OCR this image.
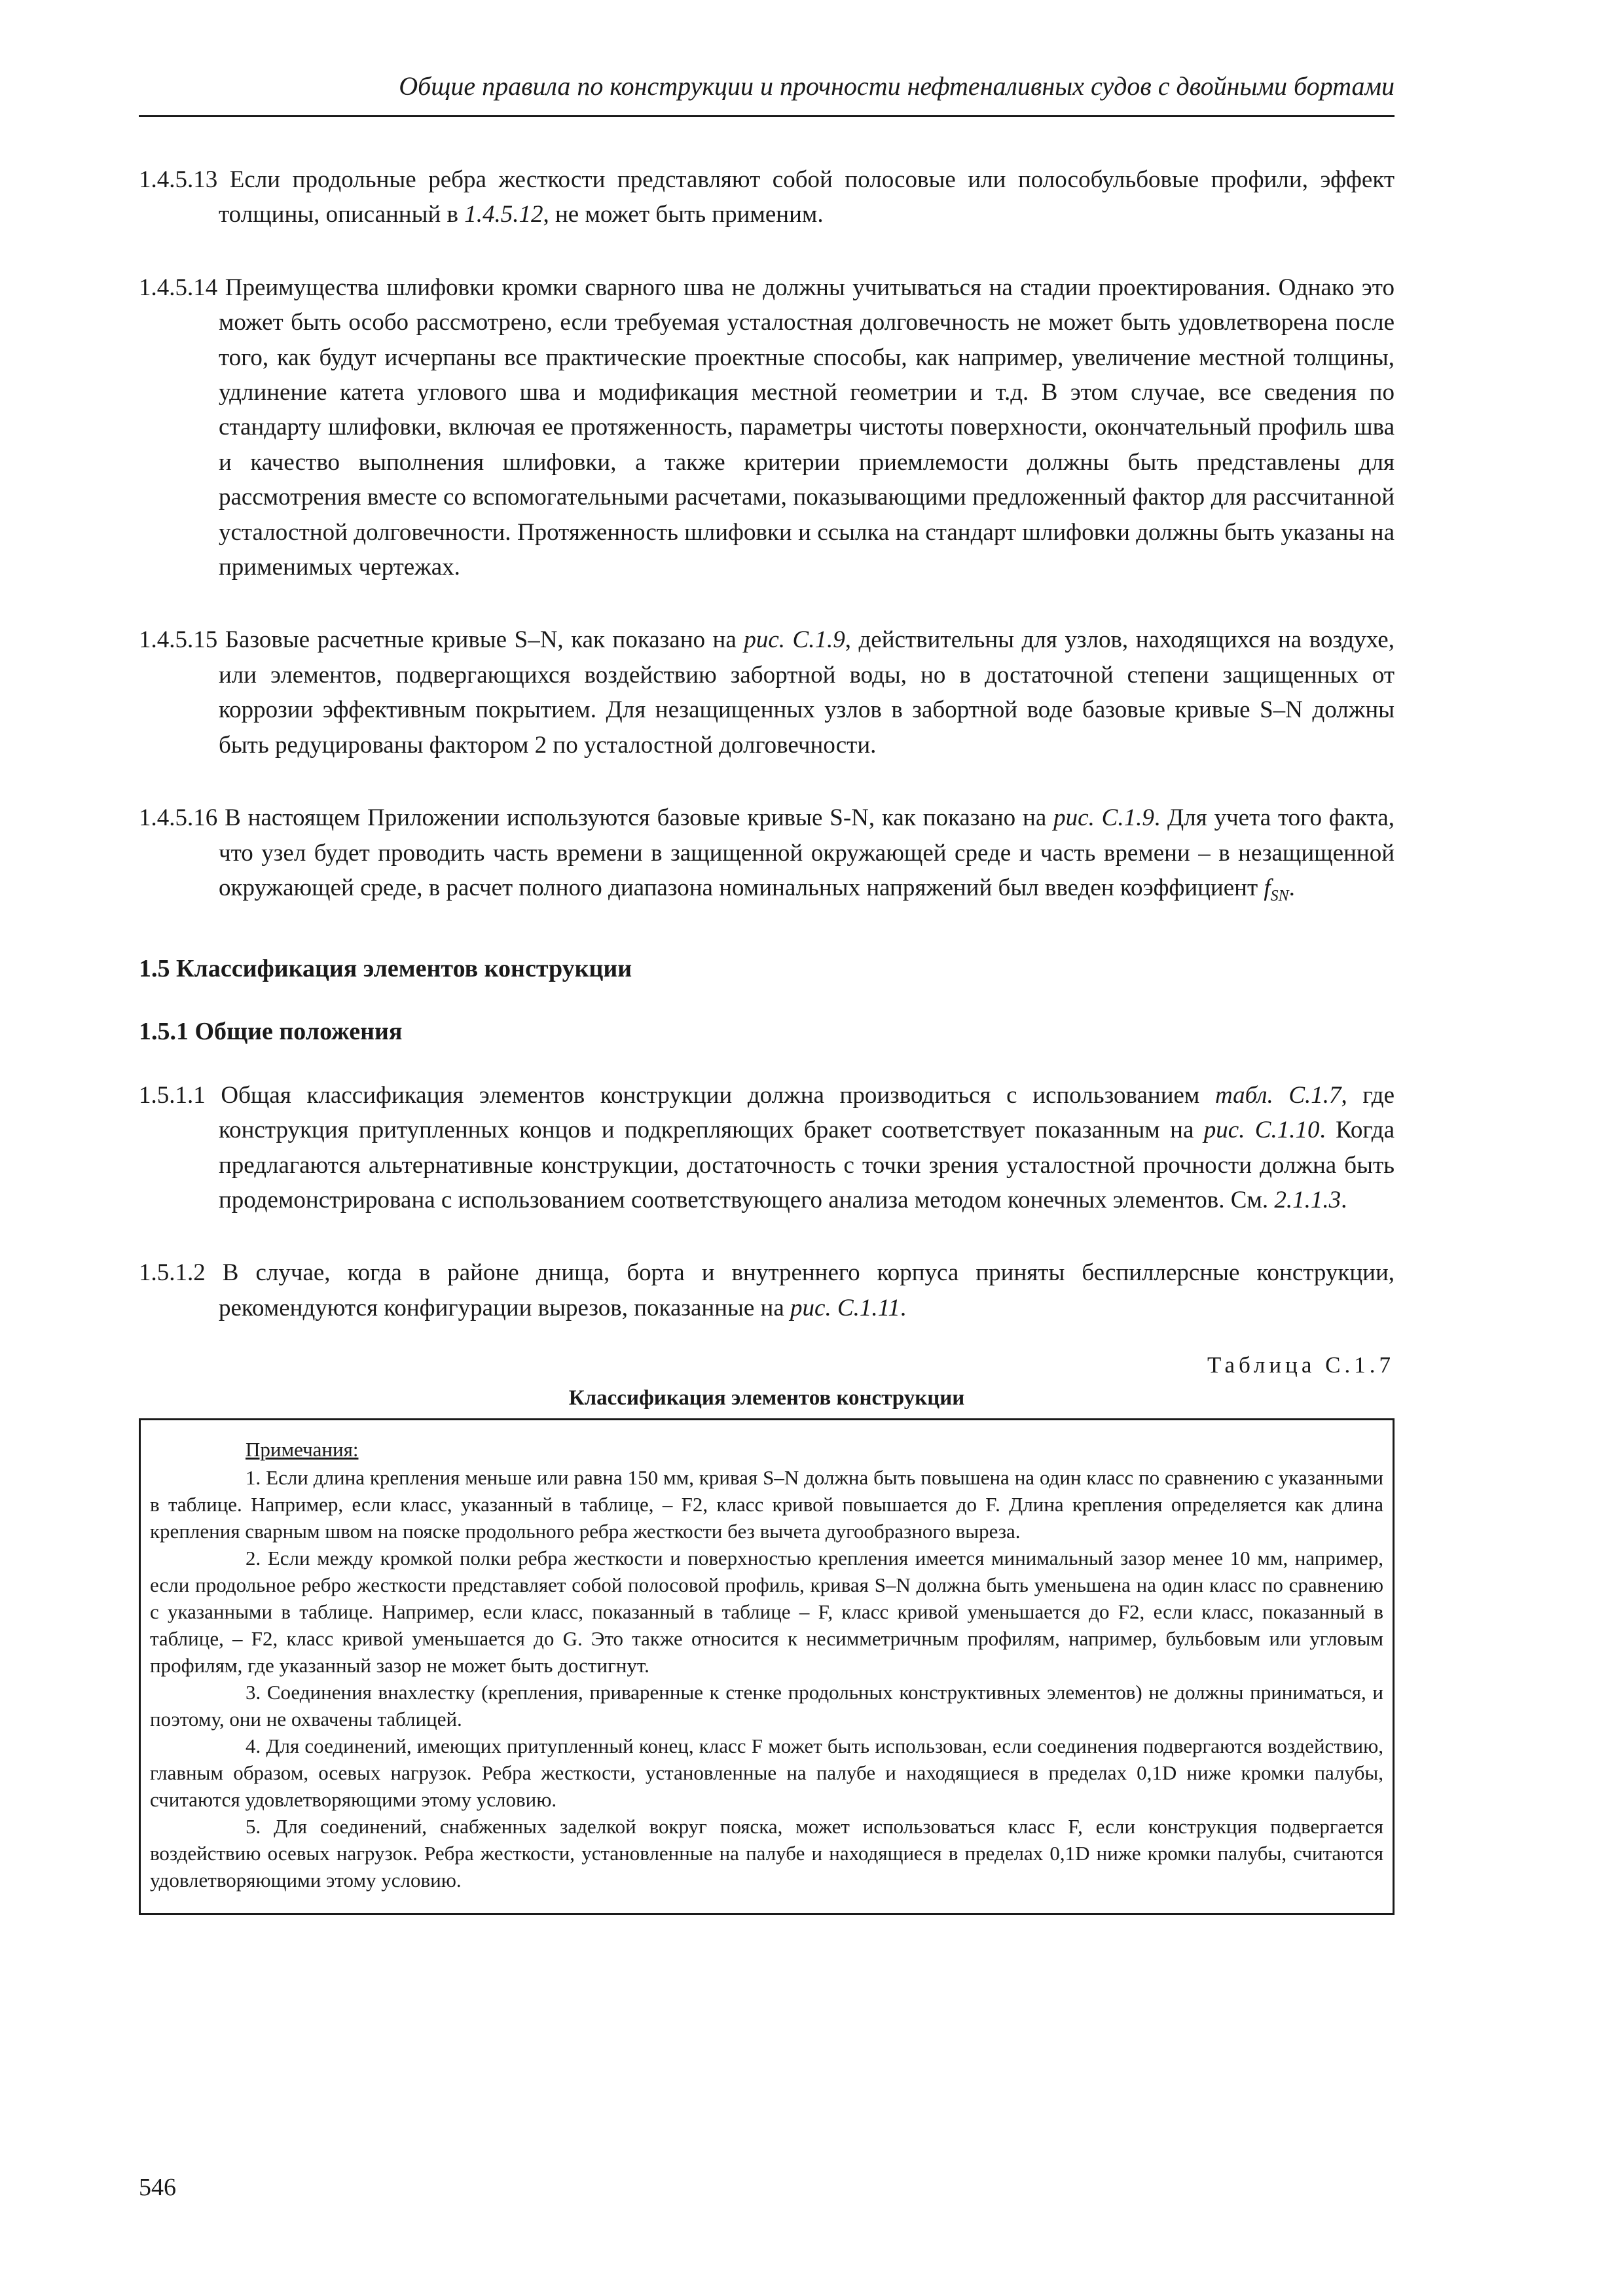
Общие правила по конструкции и прочности нефтеналивных судов с двойными бортами

1.4.5.13 Если продольные ребра жесткости представляют собой полосовые или полособульбовые профили, эффект толщины, описанный в 1.4.5.12, не может быть применим.

1.4.5.14 Преимущества шлифовки кромки сварного шва не должны учитываться на стадии проектирования. Однако это может быть особо рассмотрено, если требуемая усталостная долговечность не может быть удовлетворена после того, как будут исчерпаны все практические проектные способы, как например, увеличение местной толщины, удлинение катета углового шва и модификация местной геометрии и т.д. В этом случае, все сведения по стандарту шлифовки, включая ее протяженность, параметры чистоты поверхности, окончательный профиль шва и качество выполнения шлифовки, а также критерии приемлемости должны быть представлены для рассмотрения вместе со вспомогательными расчетами, показывающими предложенный фактор для рассчитанной усталостной долговечности. Протяженность шлифовки и ссылка на стандарт шлифовки должны быть указаны на применимых чертежах.

1.4.5.15 Базовые расчетные кривые S–N, как показано на рис. С.1.9, действительны для узлов, находящихся на воздухе, или элементов, подвергающихся воздействию забортной воды, но в достаточной степени защищенных от коррозии эффективным покрытием. Для незащищенных узлов в забортной воде базовые кривые S–N должны быть редуцированы фактором 2 по усталостной долговечности.

1.4.5.16 В настоящем Приложении используются базовые кривые S-N, как показано на рис. С.1.9. Для учета того факта, что узел будет проводить часть времени в защищенной окружающей среде и часть времени – в незащищенной окружающей среде, в расчет полного диапазона номинальных напряжений был введен коэффициент $f_{SN}$.

1.5 Классификация элементов конструкции
1.5.1 Общие положения

1.5.1.1 Общая классификация элементов конструкции должна производиться с использованием табл. С.1.7, где конструкция притупленных концов и подкрепляющих бракет соответствует показанным на рис. С.1.10. Когда предлагаются альтернативные конструкции, достаточность с точки зрения усталостной прочности должна быть продемонстрирована с использованием соответствующего анализа методом конечных элементов. См. 2.1.1.3.

1.5.1.2 В случае, когда в районе днища, борта и внутреннего корпуса приняты беспиллерсные конструкции, рекомендуются конфигурации вырезов, показанные на рис. С.1.11.

Таблица С.1.7
Классификация элементов конструкции
Примечания:

1. Если длина крепления меньше или равна 150 мм, кривая S–N должна быть повышена на один класс по сравнению с указанными в таблице. Например, если класс, указанный в таблице, – F2, класс кривой повышается до F. Длина крепления определяется как длина крепления сварным швом на пояске продольного ребра жесткости без вычета дугообразного выреза.

2. Если между кромкой полки ребра жесткости и поверхностью крепления имеется минимальный зазор менее 10 мм, например, если продольное ребро жесткости представляет собой полосовой профиль, кривая S–N должна быть уменьшена на один класс по сравнению с указанными в таблице. Например, если класс, показанный в таблице – F, класс кривой уменьшается до F2, если класс, показанный в таблице, – F2, класс кривой уменьшается до G. Это также относится к несимметричным профилям, например, бульбовым или угловым профилям, где указанный зазор не может быть достигнут.

3. Соединения внахлестку (крепления, приваренные к стенке продольных конструктивных элементов) не должны приниматься, и поэтому, они не охвачены таблицей.

4. Для соединений, имеющих притупленный конец, класс F может быть использован, если соединения подвергаются воздействию, главным образом, осевых нагрузок. Ребра жесткости, установленные на палубе и находящиеся в пределах 0,1D ниже кромки палубы, считаются удовлетворяющими этому условию.

5. Для соединений, снабженных заделкой вокруг пояска, может использоваться класс F, если конструкция подвергается воздействию осевых нагрузок. Ребра жесткости, установленные на палубе и находящиеся в пределах 0,1D ниже кромки палубы, считаются удовлетворяющими этому условию.

546
